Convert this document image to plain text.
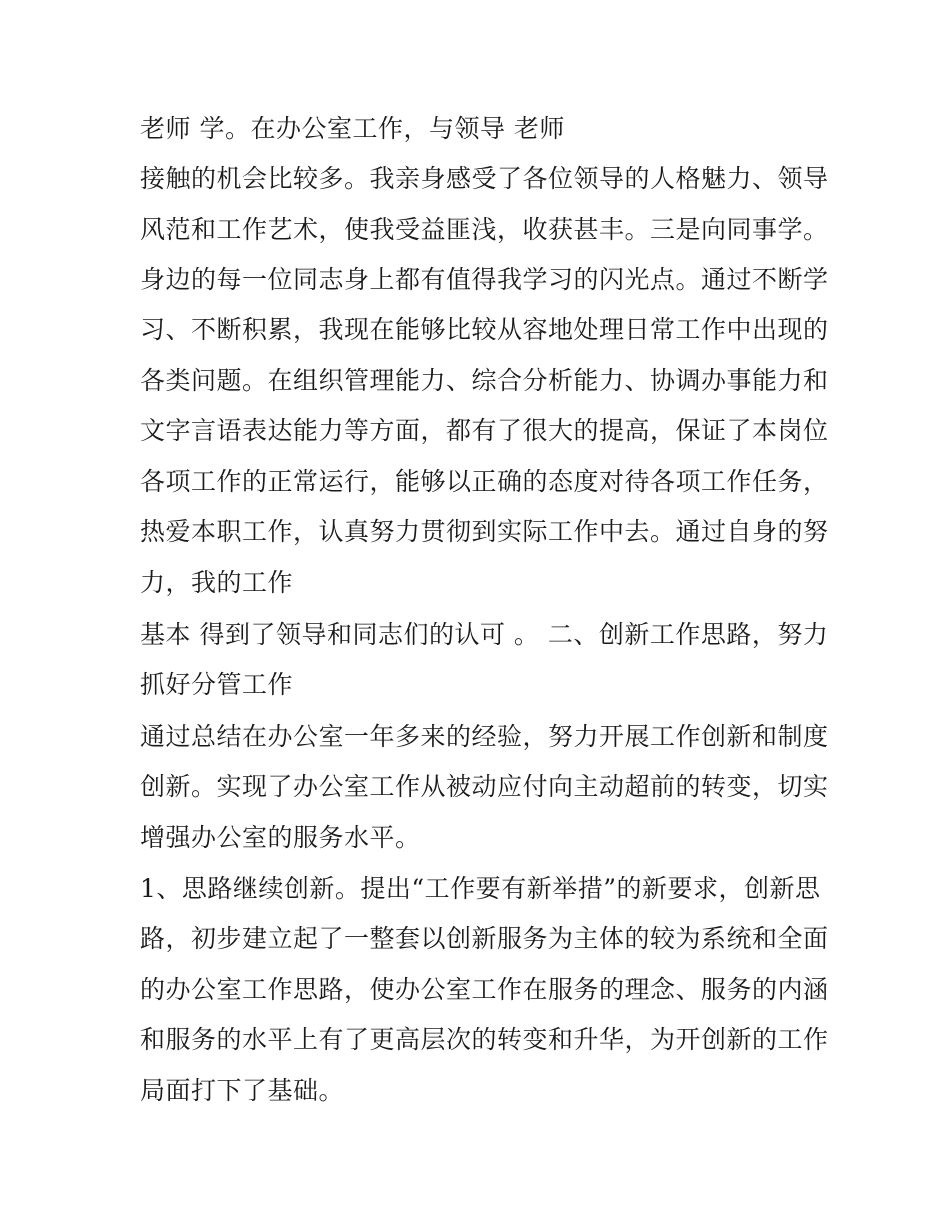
老师 学。在办公室工作，与领导 老师
接触的机会比较多。我亲身感受了各位领导的人格魅力、领导
风范和工作艺术，使我受益匪浅，收获甚丰。三是向同事学。
身边的每一位同志身上都有值得我学习的闪光点。通过不断学
习、不断积累，我现在能够比较从容地处理日常工作中出现的
各类问题。在组织管理能力、综合分析能力、协调办事能力和
文字言语表达能力等方面，都有了很大的提高，保证了本岗位
各项工作的正常运行，能够以正确的态度对待各项工作任务，
热爱本职工作，认真努力贯彻到实际工作中去。通过自身的努
力，我的工作
基本 得到了领导和同志们的认可 。 二、创新工作思路，努力
抓好分管工作
通过总结在办公室一年多来的经验，努力开展工作创新和制度
创新。实现了办公室工作从被动应付向主动超前的转变，切实
增强办公室的服务水平。
1、思路继续创新。提出“工作要有新举措”的新要求，创新思
路，初步建立起了一整套以创新服务为主体的较为系统和全面
的办公室工作思路，使办公室工作在服务的理念、服务的内涵
和服务的水平上有了更高层次的转变和升华，为开创新的工作
局面打下了基础。
